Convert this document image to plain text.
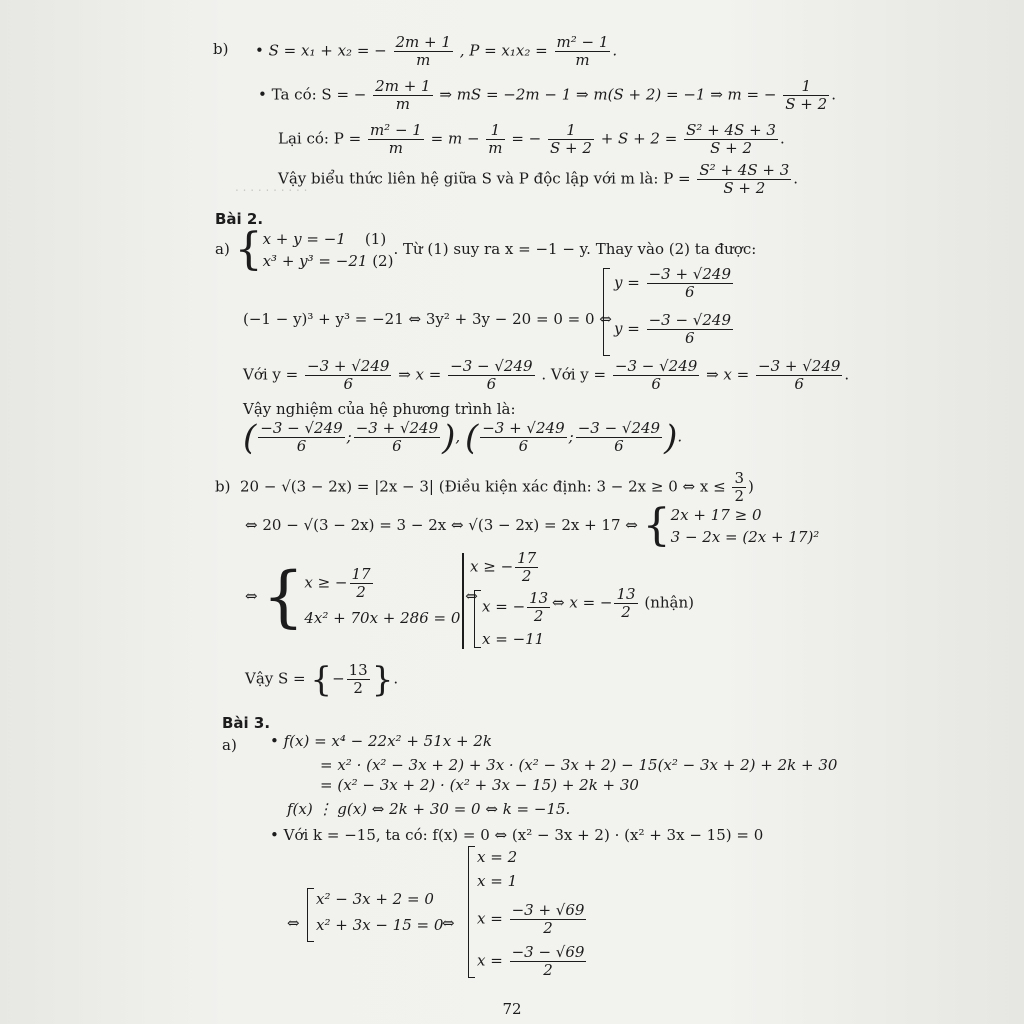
. . . . . . . . . .
b) • S = x₁ + x₂ = − $\frac{2m + 1}{m}$ , $P = x_1x_2 = \frac{\text{m² − 1}}{m}$ .
• Ta có: S = − $\frac{2m + 1}{m}$ ⇒ mS = −2m − 1 ⇒ m(S + 2) = −1 ⇒ m = − $\frac{1}{S + 2}$ .
Lại có: $P = \frac{\text{m² − 1}}{m} = m - \frac{1}{m}$ = − $\frac{1}{S + 2} + S + 2 = \frac{\text{S² + 4S + 3}}{S + 2}$ .
Vậy biểu thức liên hệ giữa S và P độc lập với m là: $P = \frac{\text{S² + 4S + 3}}{S + 2}$ .
Bài 2.
a) { x + y = −1 (1)
x³ + y³ = −21 (2)
. Từ (1) suy ra x = −1 − y. Thay vào (2) ta được:
(−1 − y)³ + y³ = −21 ⇔ 3y² + 3y − 20 = 0 = 0 ⇔
$y = \frac{-3 + √249}{6}$
$y = \frac{-3 - √249}{6}$
Với $y = \frac{-3 + √249}{6}$ ⇒ $x = \frac{-3 - √249}{6}$ . Với $y = \frac{-3 - √249}{6}$ ⇒ $x = \frac{-3 + √249}{6}$ .
Vậy nghiệm của hệ phương trình là:
( $\frac{-3 - √249}{6}$ ; $\frac{-3 + √249}{6}$ ), ( $\frac{-3 + √249}{6}$ ; $\frac{-3 - √249}{6}$ ).
b) 20 − √(3 − 2x) = |2x − 3| (Điều kiện xác định: 3 − 2x ≥ 0 ⇔ $x \le \frac{3}{2}$ )
⇔ 20 − √(3 − 2x) = 3 − 2x ⇔ √(3 − 2x) = 2x + 17 ⇔ { 2x + 17 ≥ 0
3 − 2x = (2x + 17)²
⇔ { x ≥ − $\frac{17}{2}$
4x² + 70x + 286 = 0
⇔
x ≥ − $\frac{17}{2}$
x = − $\frac{13}{2}$
x = −11
⇔ x = − $\frac{13}{2}$ (nhận)
Vậy S = {− $\frac{13}{2}$ }.
Bài 3.
a) • f(x) = x⁴ − 22x² + 51x + 2k
= x² · (x² − 3x + 2) + 3x · (x² − 3x + 2) − 15(x² − 3x + 2) + 2k + 30
= (x² − 3x + 2) · (x² + 3x − 15) + 2k + 30
f(x) ⋮ g(x) ⇔ 2k + 30 = 0 ⇔ k = −15.
• Với k = −15, ta có: f(x) = 0 ⇔ (x² − 3x + 2) · (x² + 3x − 15) = 0
⇔
x² − 3x + 2 = 0
x² + 3x − 15 = 0
⇔
x = 2
x = 1
$x = \frac{-3 + √69}{2}$
$x = \frac{-3 - √69}{2}$
72
